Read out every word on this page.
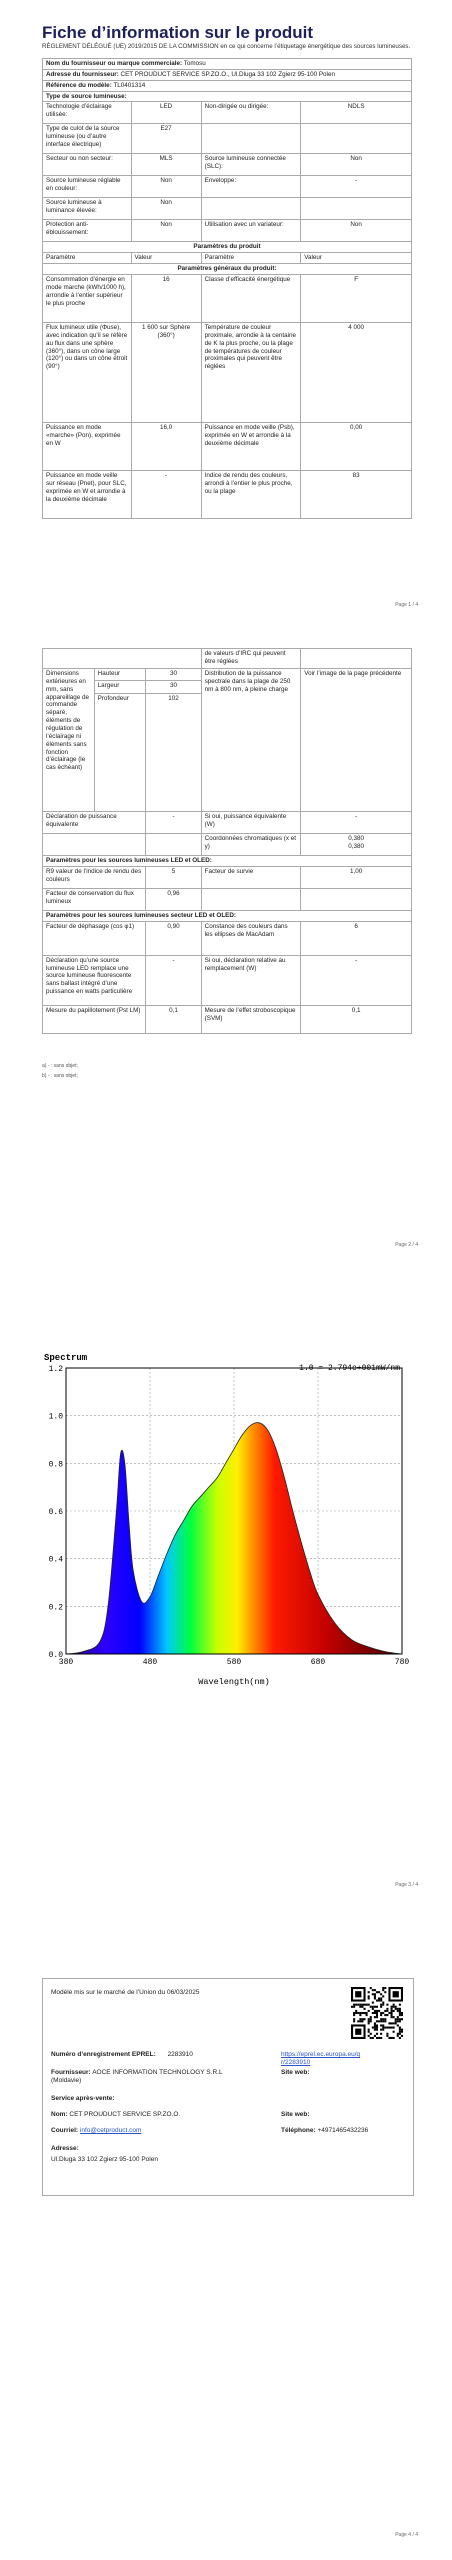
Fiche d’information sur le produit
RÈGLEMENT DÉLÉGUÉ (UE) 2019/2015 DE LA COMMISSION en ce qui concerne l’étiquetage énergétique des sources lumineuses.
Nom du fournisseur ou marque commerciale: Tomosu			
Adresse du fournisseur: CET PROUDUCT SERVICE SP.ZO.O., Ul.Dluga 33 102 Zgierz 95-100 Polen			
Référence du modèle: TL0401314			
Type de source lumineuse:			
Technologie d’éclairage utilisée:	LED	Non-dirigée ou dirigée:	NDLS
Type de culot de la source lumineuse (ou d’autre interface électrique)	E27		
Secteur ou non secteur:	MLS	Source lumineuse connectée (SLC):	Non
Source lumineuse réglable en couleur:	Non	Enveloppe:	-
Source lumineuse à luminance élevée:	Non		
Protection anti-éblouissement:	Non	Utilisation avec un variateur:	Non
Paramètres du produit			
Paramètre	Valeur	Paramètre	Valeur
Paramètres généraux du produit:			
Consommation d’énergie en mode marche (kWh/1000 h), arrondie à l’entier supérieur le plus proche	16	Classe d’efficacité énergétique	F
Flux lumineux utile (Φuse), avec indication qu’il se réfère au flux dans une sphère (360°), dans un cône large (120°) ou dans un cône étroit (90°)	1 600 sur Sphère (360°)	Température de couleur proximale, arrondie à la centaine de K la plus proche, ou la plage de températures de couleur proximales qui peuvent être réglées	4 000
Puissance en mode «marche» (Pon), exprimée en W	16,0	Puissance en mode veille (Psb), exprimée en W et arrondie à la deuxième décimale	0,00
Puissance en mode veille sur réseau (Pnet), pour SLC, exprimée en W et arrondie à la deuxième décimale	-	Indice de rendu des couleurs, arrondi à l’entier le plus proche, ou la plage	83
Page 1 / 4
			de valeurs d’IRC qui peuvent être réglées	
Dimensions extérieures en mm, sans appareillage de commande séparé, éléments de régulation de l’éclairage ni éléments sans fonction d’éclairage (le cas échéant)	Hauteur	30	Distribution de la puissance spectrale dans la plage de 250 nm à 800 nm, à pleine charge	Voir l’image de la page précédente
	Largeur	30		
	Profondeur	102		
Déclaration de puissance équivalente		-	Si oui, puissance équivalente (W)	-
			Coordonnées chromatiques (x et y)	0,380
0,380
Paramètres pour les sources lumineuses LED et OLED:				
R9 valeur de l’indice de rendu des couleurs		5	Facteur de survie	1,00
Facteur de conservation du flux lumineux		0,96		
Paramètres pour les sources lumineuses secteur LED et OLED:				
Facteur de déphasage (cos φ1)		0,90	Constance des couleurs dans les ellipses de MacAdam	6
Déclaration qu’une source lumineuse LED remplace une source lumineuse fluorescente sans ballast intégré d’une puissance en watts particulière		-	Si oui, déclaration relative au remplacement (W)	-
Mesure du papillotement (Pst LM)		0,1	Mesure de l’effet stroboscopique (SVM)	0,1
a) - : sans objet;
b) - : sans objet;
Page 2 / 4
Spectrum
1.0 = 2.794e+001mW/nm
380	480	580	680	780
0.0
0.2
0.4
0.6
0.8
1.0
1.2
Wavelength(nm)
Page 3 / 4
Modèle mis sur le marché de l’Union du 06/03/2025
Numéro d’enregistrement EPREL: 2283910	https://eprel.ec.europa.eu/qr/2283910
Fournisseur: AOCE INFORMATION TECHNOLOGY S.R.L (Moldavie)
Site web:
Service après-vente:
Nom: CET PROUDUCT SERVICE SP.ZO.O.	Site web:
Courriel: info@cetproduct.com	Téléphone: +4971465432236
Adresse:
Ul.Dluga 33 102 Zgierz 95-100 Polen
Page 4 / 4
